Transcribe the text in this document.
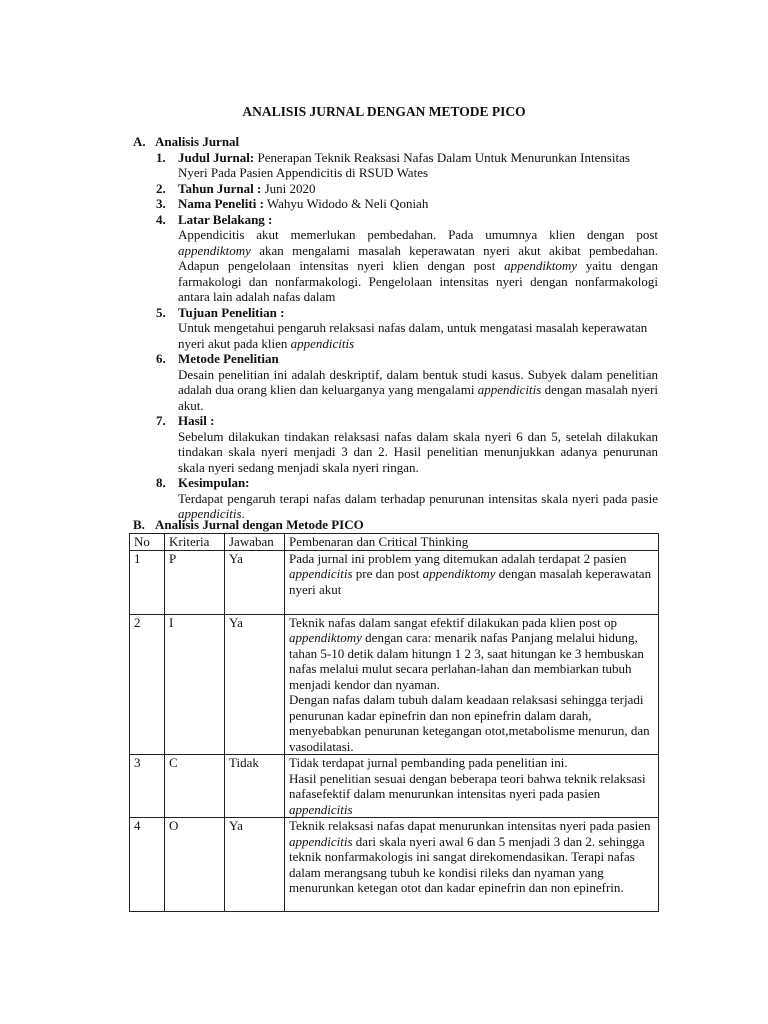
ANALISIS JURNAL DENGAN METODE PICO
A. Analisis Jurnal
1. Judul Jurnal: Penerapan Teknik Reaksasi Nafas Dalam Untuk Menurunkan Intensitas Nyeri Pada Pasien Appendicitis di RSUD Wates
2. Tahun Jurnal : Juni 2020
3. Nama Peneliti : Wahyu Widodo & Neli Qoniah
4. Latar Belakang :
Appendicitis akut memerlukan pembedahan. Pada umumnya klien dengan post appendiktomy akan mengalami masalah keperawatan nyeri akut akibat pembedahan. Adapun pengelolaan intensitas nyeri klien dengan post appendiktomy yaitu dengan farmakologi dan nonfarmakologi. Pengelolaan intensitas nyeri dengan nonfarmakologi antara lain adalah nafas dalam
5. Tujuan Penelitian :
Untuk mengetahui pengaruh relaksasi nafas dalam, untuk mengatasi masalah keperawatan nyeri akut pada klien appendicitis
6. Metode Penelitian
Desain penelitian ini adalah deskriptif, dalam bentuk studi kasus. Subyek dalam penelitian adalah dua orang klien dan keluarganya yang mengalami appendicitis dengan masalah nyeri akut.
7. Hasil :
Sebelum dilakukan tindakan relaksasi nafas dalam skala nyeri 6 dan 5, setelah dilakukan tindakan skala nyeri menjadi 3 dan 2. Hasil penelitian menunjukkan adanya penurunan skala nyeri sedang menjadi skala nyeri ringan.
8. Kesimpulan:
Terdapat pengaruh terapi nafas dalam terhadap penurunan intensitas skala nyeri pada pasie appendicitis.
B. Analisis Jurnal dengan Metode PICO
No	Kriteria	Jawaban	Pembenaran dan Critical Thinking
1	P	Ya	Pada jurnal ini problem yang ditemukan adalah terdapat 2 pasien appendicitis pre dan post appendiktomy dengan masalah keperawatan nyeri akut
2	I	Ya	Teknik nafas dalam sangat efektif dilakukan pada klien post op appendiktomy dengan cara: menarik nafas Panjang melalui hidung, tahan 5-10 detik dalam hitungn 1 2 3, saat hitungan ke 3 hembuskan nafas melalui mulut secara perlahan-lahan dan membiarkan tubuh menjadi kendor dan nyaman.
Dengan nafas dalam tubuh dalam keadaan relaksasi sehingga terjadi penurunan kadar epinefrin dan non epinefrin dalam darah, menyebabkan penurunan ketegangan otot,metabolisme menurun, dan vasodilatasi.
3	C	Tidak	Tidak terdapat jurnal pembanding pada penelitian ini.
Hasil penelitian sesuai dengan beberapa teori bahwa teknik relaksasi nafasefektif dalam menurunkan intensitas nyeri pada pasien appendicitis
4	O	Ya	Teknik relaksasi nafas dapat menurunkan intensitas nyeri pada pasien appendicitis dari skala nyeri awal 6 dan 5 menjadi 3 dan 2. sehingga teknik nonfarmakologis ini sangat direkomendasikan. Terapi nafas dalam merangsang tubuh ke kondisi rileks dan nyaman yang menurunkan ketegan otot dan kadar epinefrin dan non epinefrin.
